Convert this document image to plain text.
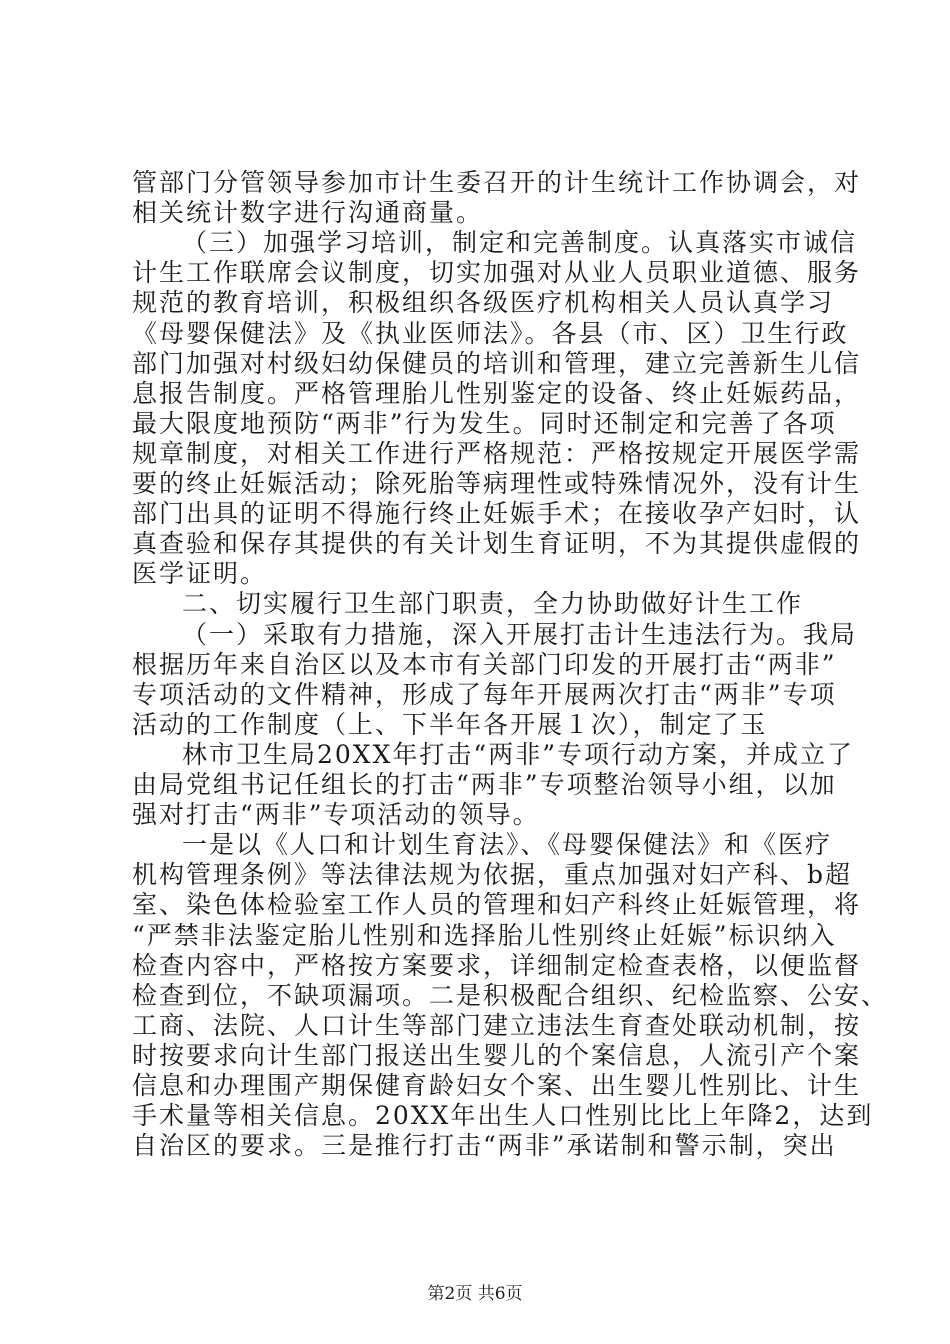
管部门分管领导参加市计生委召开的计生统计工作协调会，对
相关统计数字进行沟通商量。
（三）加强学习培训，制定和完善制度。认真落实市诚信
计生工作联席会议制度，切实加强对从业人员职业道德、服务
规范的教育培训，积极组织各级医疗机构相关人员认真学习
《母婴保健法》及《执业医师法》。各县（市、区）卫生行政
部门加强对村级妇幼保健员的培训和管理，建立完善新生儿信
息报告制度。严格管理胎儿性别鉴定的设备、终止妊娠药品，
最大限度地预防“两非”行为发生。同时还制定和完善了各项
规章制度，对相关工作进行严格规范：严格按规定开展医学需
要的终止妊娠活动；除死胎等病理性或特殊情况外，没有计生
部门出具的证明不得施行终止妊娠手术；在接收孕产妇时，认
真查验和保存其提供的有关计划生育证明，不为其提供虚假的
医学证明。
二、切实履行卫生部门职责，全力协助做好计生工作
（一）采取有力措施，深入开展打击计生违法行为。我局
根据历年来自治区以及本市有关部门印发的开展打击“两非”
专项活动的文件精神，形成了每年开展两次打击“两非”专项
活动的工作制度（上、下半年各开展１次），制定了玉
林市卫生局20XX年打击“两非”专项行动方案，并成立了
由局党组书记任组长的打击“两非”专项整治领导小组，以加
强对打击“两非”专项活动的领导。
一是以《人口和计划生育法》、《母婴保健法》和《医疗
机构管理条例》等法律法规为依据，重点加强对妇产科、b超
室、染色体检验室工作人员的管理和妇产科终止妊娠管理，将
“严禁非法鉴定胎儿性别和选择胎儿性别终止妊娠”标识纳入
检查内容中，严格按方案要求，详细制定检查表格，以便监督
检查到位，不缺项漏项。二是积极配合组织、纪检监察、公安、
工商、法院、人口计生等部门建立违法生育查处联动机制，按
时按要求向计生部门报送出生婴儿的个案信息，人流引产个案
信息和办理围产期保健育龄妇女个案、出生婴儿性别比、计生
手术量等相关信息。20XX年出生人口性别比比上年降2，达到
自治区的要求。三是推行打击“两非”承诺制和警示制，突出
第2页 共6页
